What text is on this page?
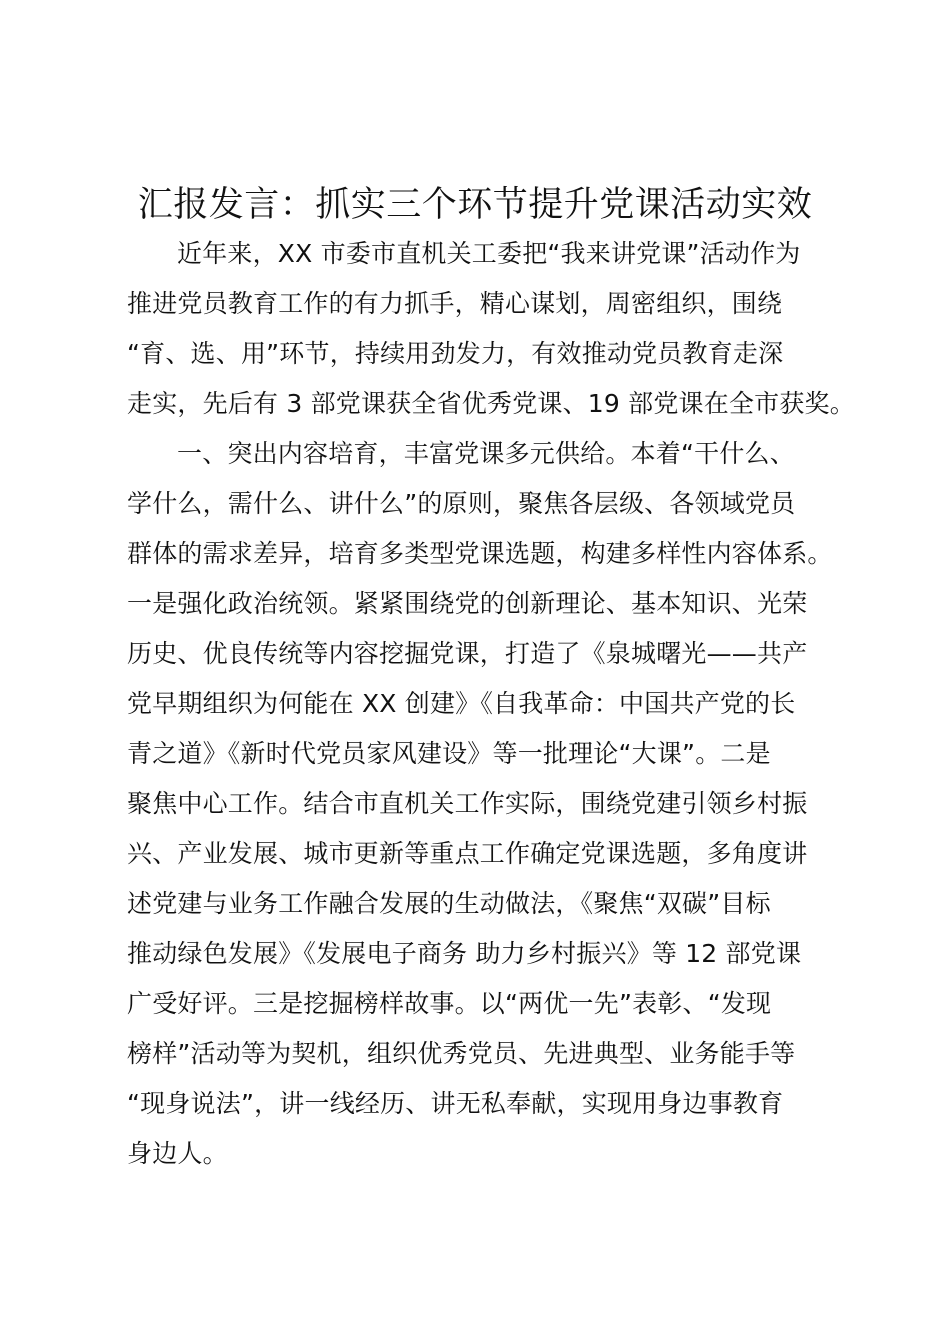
汇报发言：抓实三个环节提升党课活动实效
近年来，XX 市委市直机关工委把“我来讲党课”活动作为
推进党员教育工作的有力抓手，精心谋划，周密组织，围绕
“育、选、用”环节，持续用劲发力，有效推动党员教育走深
走实，先后有 3 部党课获全省优秀党课、19 部党课在全市获奖。
一、突出内容培育，丰富党课多元供给。本着“干什么、
学什么，需什么、讲什么”的原则，聚焦各层级、各领域党员
群体的需求差异，培育多类型党课选题，构建多样性内容体系。
一是强化政治统领。紧紧围绕党的创新理论、基本知识、光荣
历史、优良传统等内容挖掘党课，打造了《泉城曙光——共产
党早期组织为何能在 XX 创建》《自我革命：中国共产党的长
青之道》《新时代党员家风建设》等一批理论“大课”。二是
聚焦中心工作。结合市直机关工作实际，围绕党建引领乡村振
兴、产业发展、城市更新等重点工作确定党课选题，多角度讲
述党建与业务工作融合发展的生动做法，《聚焦“双碳”目标
推动绿色发展》《发展电子商务 助力乡村振兴》等 12 部党课
广受好评。三是挖掘榜样故事。以“两优一先”表彰、“发现
榜样”活动等为契机，组织优秀党员、先进典型、业务能手等
“现身说法”，讲一线经历、讲无私奉献，实现用身边事教育
身边人。
